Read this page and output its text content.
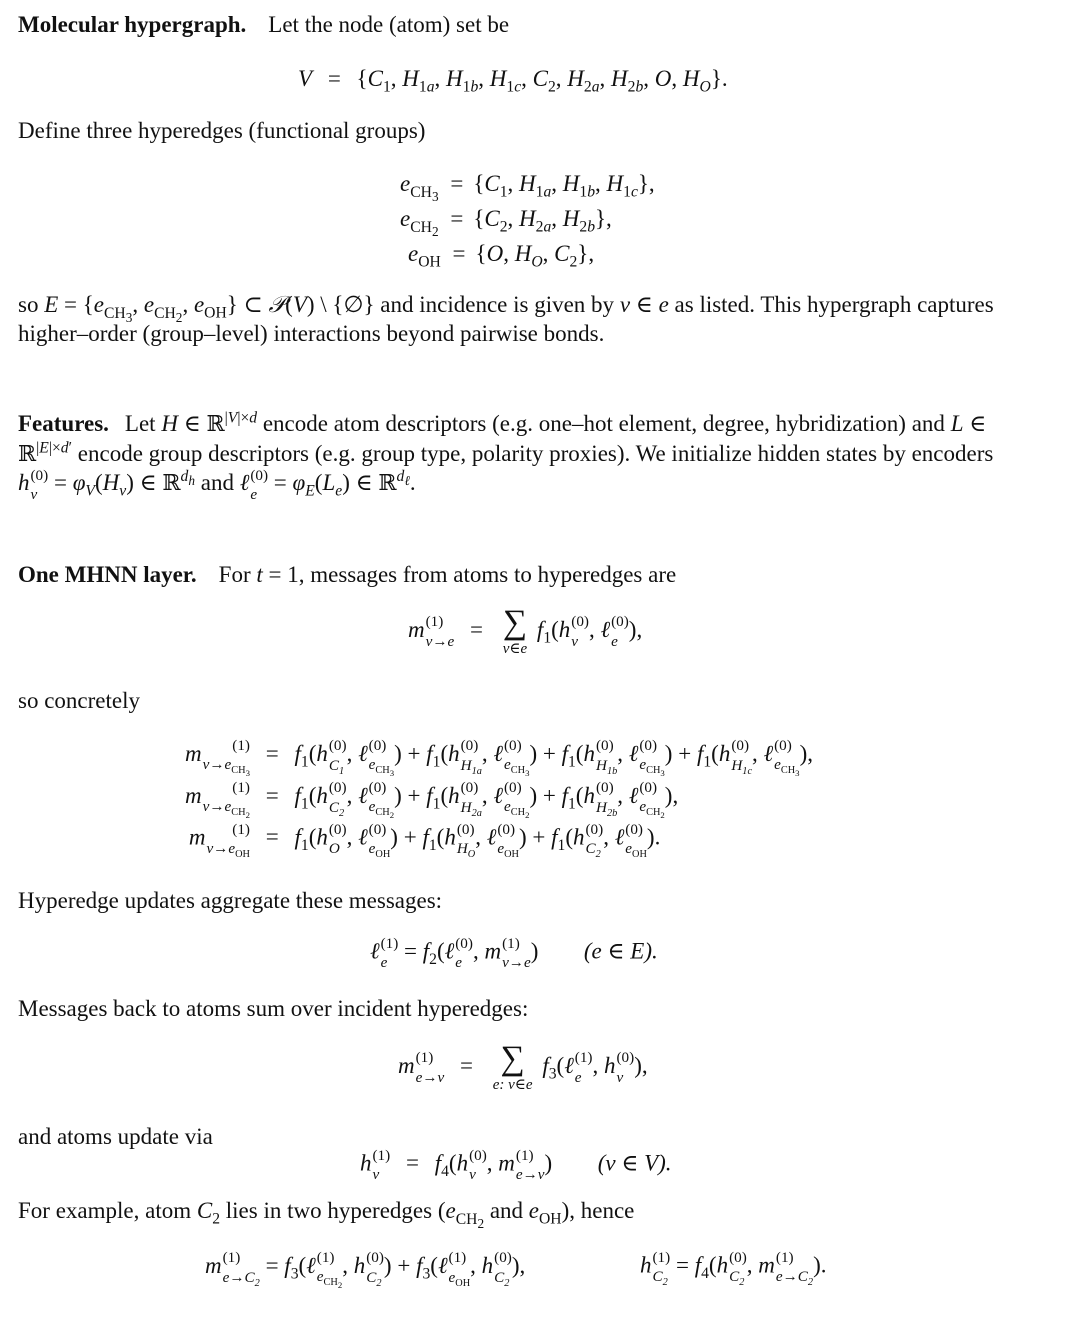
Molecular hypergraph. Let the node (atom) set be
$V = \{C_1$, $H_{1a}$, $H_{1b}$, $H_{1c}$, $C_2$, $H_{2a}$, $H_{2b}$, O, $H_O$}.
Define three hyperedges (functional groups)
$e_{CH_3} = \{C_1$, $H_{1a}$, $H_{1b}$, $H_{1c}$},
$e_{CH_2} = \{C_2$, $H_{2a}$, $H_{2b}$},
$e_{OH} = \{O$, $H_O$, $C_2$},
so $E = \{e_{CH_3}$, $e_{CH_2}$, $e_{OH}$} ⊂ 𝒫(V) \ {∅} and incidence is given by v ∈ e as listed. This hypergraph captures
higher–order (group–level) interactions beyond pairwise bonds.
Features. Let H ∈ ℝ$^{|V|\times d}$ encode atom descriptors (e.g. one–hot element, degree, hybridization) and L ∈
ℝ$^{|E|\times d'}$ encode group descriptors (e.g. group type, polarity proxies). We initialize hidden states by encoders
h (0)
$v = \varphi_V(H_v)$ ∈ ℝ$^{d_h}$ and ℓ (0)
$e = \varphi_E(L_e)$ ∈ ℝ$^{d_\ell}$.
One MHNN layer. For t = 1, messages from atoms to hyperedges are
m (1)
v→e = ∑
v∈e
$f_1(h$ (0)
v , ℓ (0)
e ),
so concretely
m	(1)
$v\to e_{CH_3}$
= $f_1(h$ (0)
$C_1$
, ℓ (0)
$e_{CH_3}$
) + $f_1(h$ (0)
$H_{1a}$
, ℓ (0)
$e_{CH_3}$
) + $f_1(h$ (0)
$H_{1b}$
, ℓ (0)
$e_{CH_3}$
) + $f_1(h$ (0)
$H_{1c}$
, ℓ (0)
$e_{CH_3}$
),
m	(1)
$v\to e_{CH_2}$
= $f_1(h$ (0)
$C_2$
, ℓ (0)
$e_{CH_2}$
) + $f_1(h$ (0)
$H_{2a}$
, ℓ (0)
$e_{CH_2}$
) + $f_1(h$ (0)
$H_{2b}$
, ℓ (0)
$e_{CH_2}$
),
m	(1)
$v\to e_{OH}$
= $f_1(h$ (0)
O , ℓ (0)
$e_{OH}$
) + $f_1(h$ (0)
$H_O$
, ℓ (0)
$e_{OH}$
) + $f_1(h$ (0)
$C_2$
, ℓ (0)
$e_{OH}$
).
Hyperedge updates aggregate these messages:
ℓ (1)
$e = f_2(\ell$ (0)
e , m (1)
v→e )  (e ∈ E).
Messages back to atoms sum over incident hyperedges:
m (1)
e→v = ∑
e: v∈e
$f_3(\ell$ (1)
e , h (0)
v ),
and atoms update via
h (1)
v	= $f_4(h$ (0)
v , m (1)
e→v )  (v ∈ V).
For example, atom $C_2$ lies in two hyperedges ($e_{CH_2}$ and $e_{OH}$), hence
m (1)
$e\to C_2$
= $f_3(\ell$ (1)
$e_{CH_2}$
, h (0)
$C_2$
) + $f_3(\ell$ (1)
$e_{OH}$
, h (0)
$C_2$
),	h (1)
$C_2$
= $f_4(h$ (0)
$C_2$
, m (1)
$e\to C_2$
).
